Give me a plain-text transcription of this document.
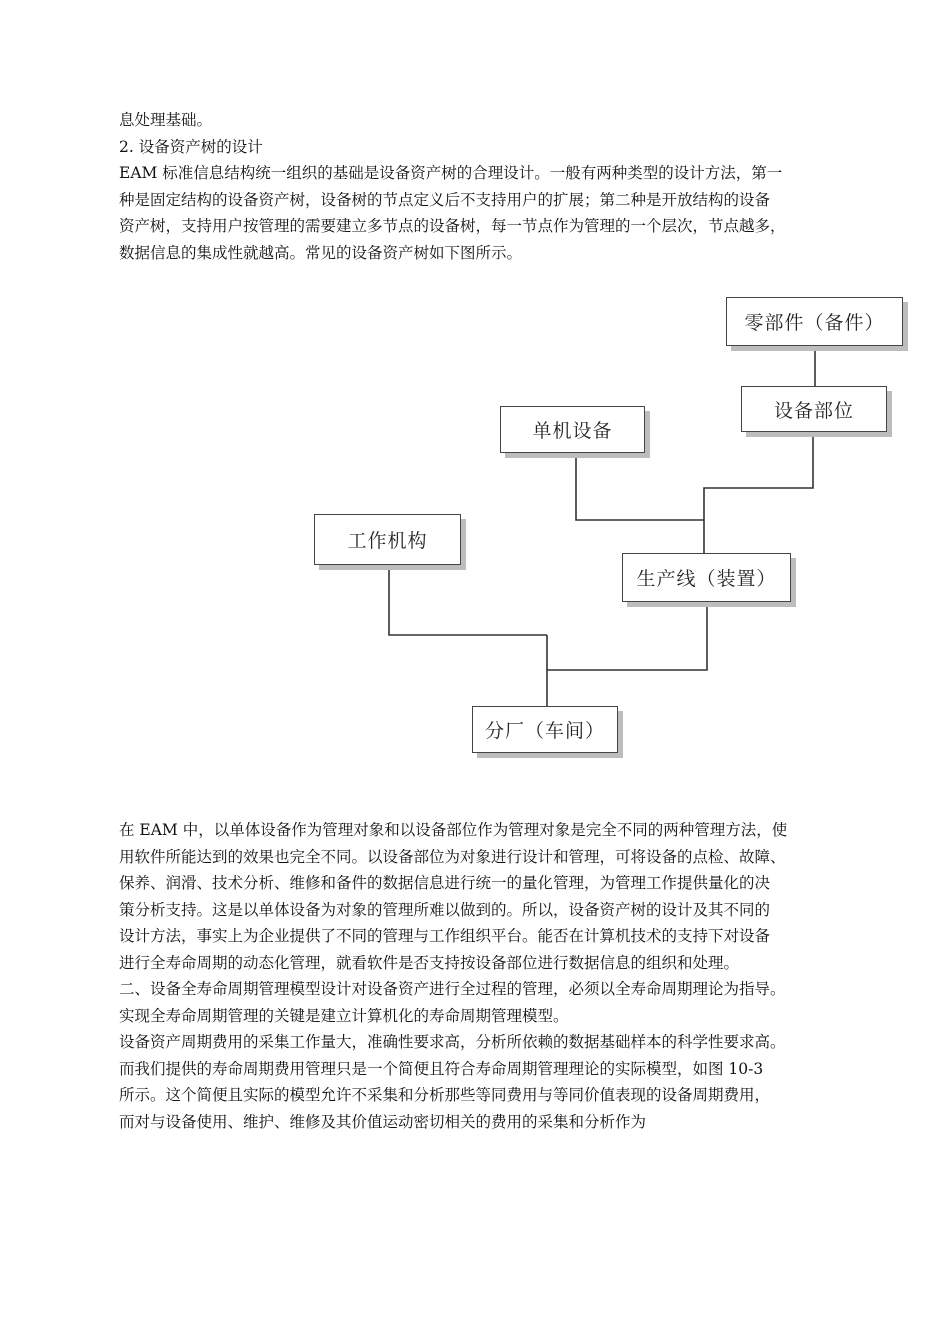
息处理基础。
2. 设备资产树的设计
EAM 标准信息结构统一组织的基础是设备资产树的合理设计。一般有两种类型的设计方法，第一
种是固定结构的设备资产树，设备树的节点定义后不支持用户的扩展；第二种是开放结构的设备
资产树，支持用户按管理的需要建立多节点的设备树，每一节点作为管理的一个层次，节点越多，
数据信息的集成性就越高。常见的设备资产树如下图所示。
零部件（备件）
设备部位
单机设备
工作机构
生产线（装置）
分厂（车间）
在 EAM 中，以单体设备作为管理对象和以设备部位作为管理对象是完全不同的两种管理方法，使
用软件所能达到的效果也完全不同。以设备部位为对象进行设计和管理，可将设备的点检、故障、
保养、润滑、技术分析、维修和备件的数据信息进行统一的量化管理，为管理工作提供量化的决
策分析支持。这是以单体设备为对象的管理所难以做到的。所以，设备资产树的设计及其不同的
设计方法，事实上为企业提供了不同的管理与工作组织平台。能否在计算机技术的支持下对设备
进行全寿命周期的动态化管理，就看软件是否支持按设备部位进行数据信息的组织和处理。
二、设备全寿命周期管理模型设计对设备资产进行全过程的管理，必须以全寿命周期理论为指导。
实现全寿命周期管理的关键是建立计算机化的寿命周期管理模型。
设备资产周期费用的采集工作量大，准确性要求高，分析所依赖的数据基础样本的科学性要求高。
而我们提供的寿命周期费用管理只是一个简便且符合寿命周期管理理论的实际模型，如图 10-3
所示。这个简便且实际的模型允许不采集和分析那些等同费用与等同价值表现的设备周期费用，
而对与设备使用、维护、维修及其价值运动密切相关的费用的采集和分析作为
